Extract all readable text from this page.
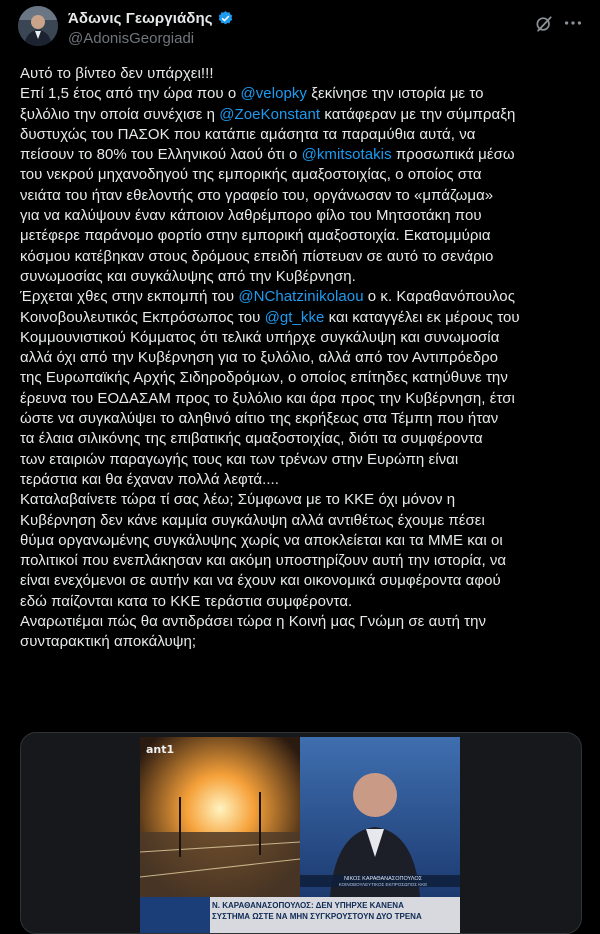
Άδωνις Γεωργιάδης
@AdonisGeorgiadi

Αυτό το βίντεο δεν υπάρχει!!!

Επί 1,5 έτος από την ώρα που ο @velopky ξεκίνησε την ιστορία με το

ξυλόλιο την οποία συνέχισε η @ZoeKonstant κατάφεραν με την σύμπραξη

δυστυχώς του ΠΑΣΟΚ που κατάπιε αμάσητα τα παραμύθια αυτά, να

πείσουν το 80% του Ελληνικού λαού ότι ο @kmitsotakis προσωπικά μέσω

του νεκρού μηχανοδηγού της εμπορικής αμαξοστοιχίας, ο οποίος στα

νειάτα του ήταν εθελοντής στο γραφείο του, οργάνωσαν το «μπάζωμα»

για να καλύψουν έναν κάποιον λαθρέμπορο φίλο του Μητσοτάκη που

μετέφερε παράνομο φορτίο στην εμπορική αμαξοστοιχία. Εκατομμύρια

κόσμου κατέβηκαν στους δρόμους επειδή πίστευαν σε αυτό το σενάριο

συνωμοσίας και συγκάλυψης από την Κυβέρνηση.

Έρχεται χθες στην εκπομπή του @NChatzinikolaou ο κ. Καραθανόπουλος

Κοινοβουλευτικός Εκπρόσωπος του @gt_kke και καταγγέλει εκ μέρους του

Κομμουνιστικού Κόμματος ότι τελικά υπήρχε συγκάλυψη και συνωμοσία

αλλά όχι από την Κυβέρνηση για το ξυλόλιο, αλλά από τον Αντιπρόεδρο

της Ευρωπαϊκής Αρχής Σιδηροδρόμων, ο οποίος επίτηδες κατηύθυνε την

έρευνα του ΕΟΔΑΣΑΜ προς το ξυλόλιο και άρα προς την Κυβέρνηση, έτσι

ώστε να συγκαλύψει το αληθινό αίτιο της εκρήξεως στα Τέμπη που ήταν

τα έλαια σιλικόνης της επιβατικής αμαξοστοιχίας, διότι τα συμφέροντα

των εταιριών παραγωγής τους και των τρένων στην Ευρώπη είναι

τεράστια και θα έχαναν πολλά λεφτά....

Καταλαβαίνετε τώρα τί σας λέω; Σύμφωνα με το ΚΚΕ όχι μόνον η

Κυβέρνηση δεν κάνε καμμία συγκάλυψη αλλά αντιθέτως έχουμε πέσει

θύμα οργανωμένης συγκάλυψης χωρίς να αποκλείεται και τα ΜΜΕ και οι

πολιτικοί που ενεπλάκησαν και ακόμη υποστηρίζουν αυτή την ιστορία, να

είναι ενεχόμενοι σε αυτήν και να έχουν και οικονομικά συμφέροντα αφού

εδώ παίζονται κατα το ΚΚΕ τεράστια συμφέροντα.

Αναρωτιέμαι πώς θα αντιδράσει τώρα η Κοινή μας Γνώμη σε αυτή την

συνταρακτική αποκάλυψη;

ant1
ΝΙΚΟΣ ΚΑΡΑΘΑΝΑΣΟΠΟΥΛΟΣ
ΚΟΙΝΟΒΟΥΛΕΥΤΙΚΟΣ ΕΚΠΡΟΣΩΠΟΣ ΚΚΕ
Ν. ΚΑΡΑΘΑΝΑΣΟΠΟΥΛΟΣ: ΔΕΝ ΥΠΗΡΧΕ ΚΑΝΕΝΑ
ΣΥΣΤΗΜΑ ΩΣΤΕ ΝΑ ΜΗΝ ΣΥΓΚΡΟΥΣΤΟΥΝ ΔΥΟ ΤΡΕΝΑ
